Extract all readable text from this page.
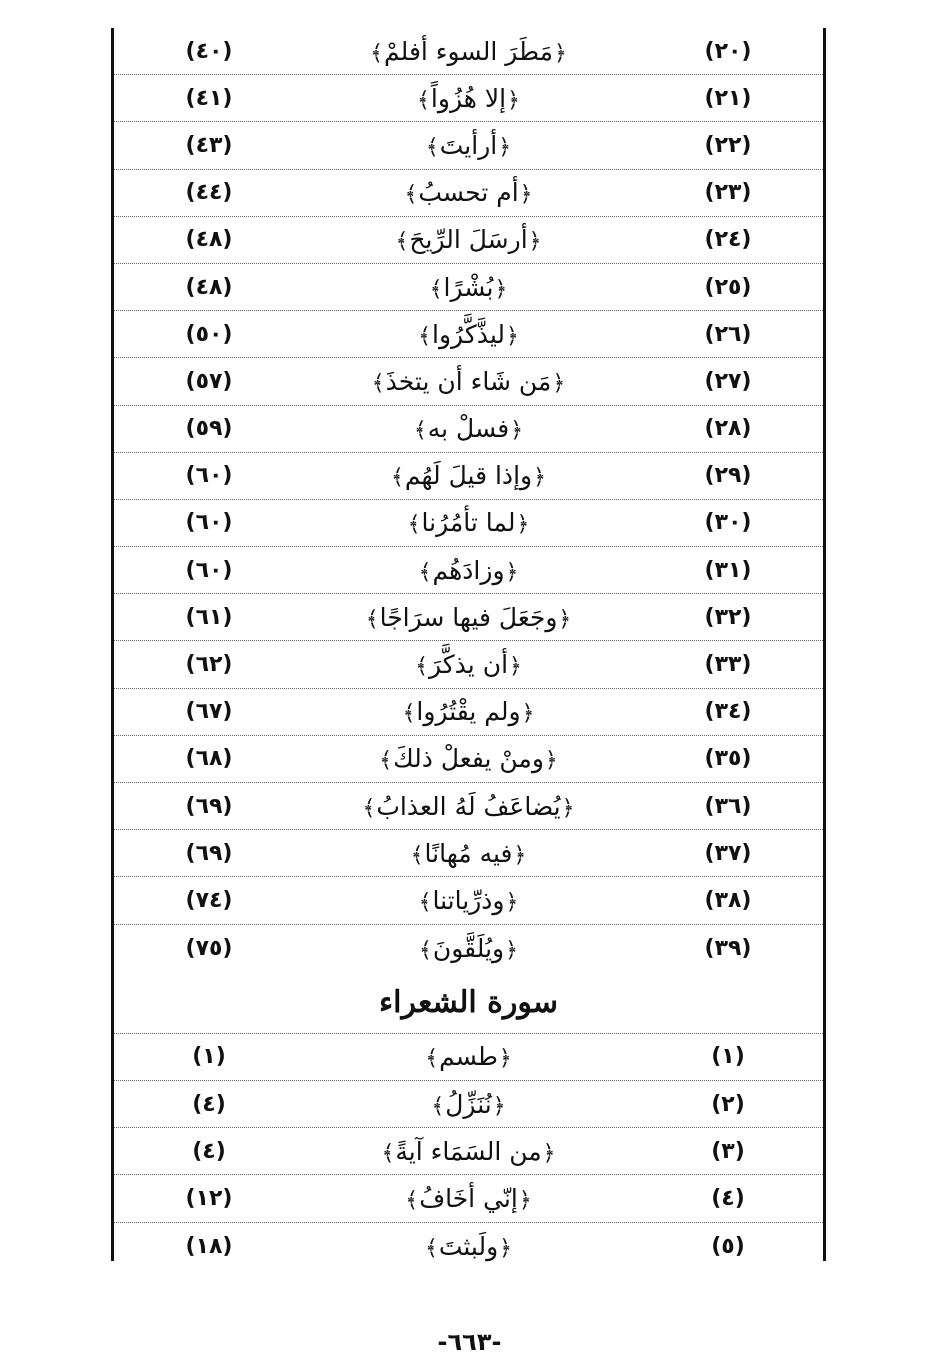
(٤٠)	﴿مَطَرَ السوء أفلمْ﴾	(٢٠)
(٤١)	﴿إلا هُزُواً﴾	(٢١)
(٤٣)	﴿أرأيتَ﴾	(٢٢)
(٤٤)	﴿أم تحسبُ﴾	(٢٣)
(٤٨)	﴿أرسَلَ الرِّيحَ﴾	(٢٤)
(٤٨)	﴿بُشْرًا﴾	(٢٥)
(٥٠)	﴿ليذَّكَّرُوا﴾	(٢٦)
(٥٧)	﴿مَن شَاء أن يتخذَ﴾	(٢٧)
(٥٩)	﴿فسلْ به﴾	(٢٨)
(٦٠)	﴿وإذا قيلَ لَهُم﴾	(٢٩)
(٦٠)	﴿لما تأمُرُنا﴾	(٣٠)
(٦٠)	﴿وزادَهُم﴾	(٣١)
(٦١)	﴿وجَعَلَ فيها سرَاجًا﴾	(٣٢)
(٦٢)	﴿أن يذكَّرَ﴾	(٣٣)
(٦٧)	﴿ولم يقْتُرُوا﴾	(٣٤)
(٦٨)	﴿ومنْ يفعلْ ذلكَ﴾	(٣٥)
(٦٩)	﴿يُضاعَفُ لَهُ العذابُ﴾	(٣٦)
(٦٩)	﴿فيه مُهانًا﴾	(٣٧)
(٧٤)	﴿وذرِّياتنا﴾	(٣٨)
(٧٥)	﴿ويُلَقَّونَ﴾	(٣٩)
سورة الشعراء
(١)	﴿طسم﴾	(١)
(٤)	﴿نُنَزِّلُ﴾	(٢)
(٤)	﴿من السَمَاء آيةً﴾	(٣)
(١٢)	﴿إنّي أخَافُ﴾	(٤)
(١٨)	﴿ولَبثتَ﴾	(٥)
-٦٦٣-
